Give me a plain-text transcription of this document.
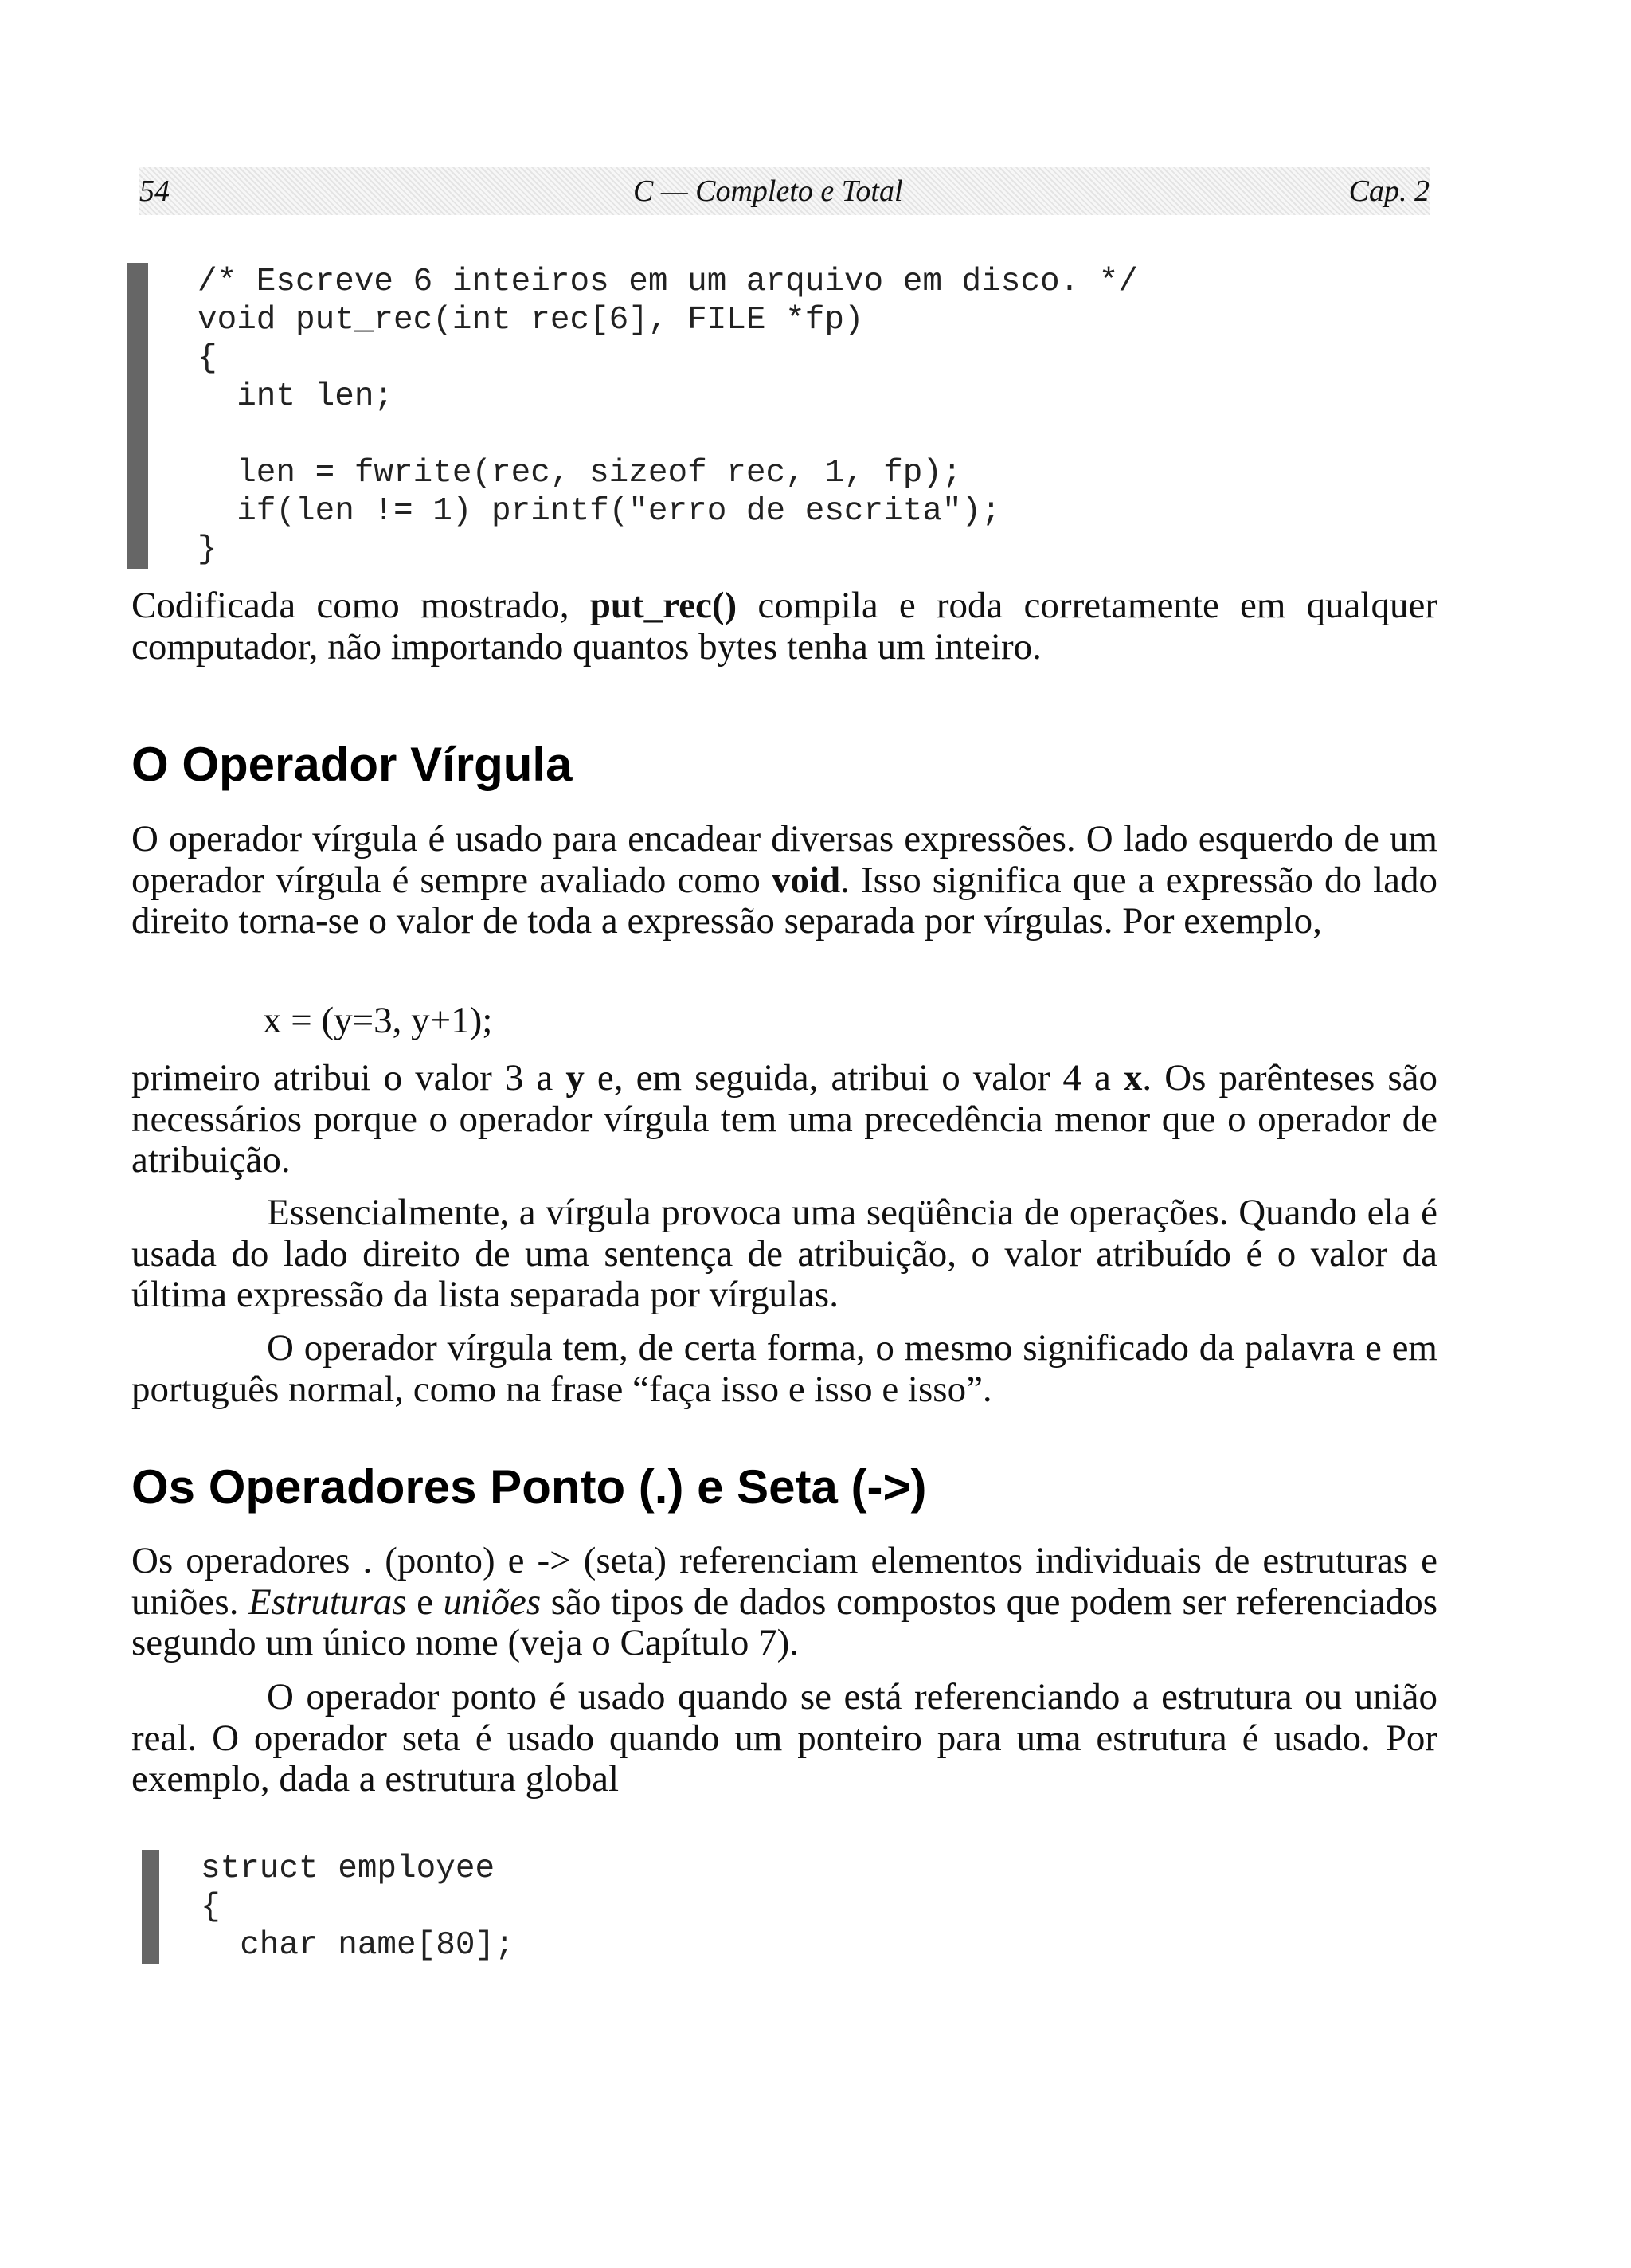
54	C — Completo e Total	Cap. 2
/* Escreve 6 inteiros em um arquivo em disco. */
void put_rec(int rec[6], FILE *fp)
{
int len;
len = fwrite(rec, sizeof rec, 1, fp);
if(len != 1) printf("erro de escrita");
}

Codificada como mostrado, put_rec() compila e roda corretamente em qualquer computador, não importando quantos bytes tenha um inteiro.

O Operador Vírgula

O operador vírgula é usado para encadear diversas expressões. O lado esquerdo de um operador vírgula é sempre avaliado como void. Isso significa que a expressão do lado direito torna-se o valor de toda a expressão separada por vírgulas. Por exemplo,

x = (y=3, y+1);

primeiro atribui o valor 3 a y e, em seguida, atribui o valor 4 a x. Os parênteses são necessários porque o operador vírgula tem uma precedência menor que o operador de atribuição.

Essencialmente, a vírgula provoca uma seqüência de operações. Quando ela é usada do lado direito de uma sentença de atribuição, o valor atribuído é o valor da última expressão da lista separada por vírgulas.

O operador vírgula tem, de certa forma, o mesmo significado da palavra e em português normal, como na frase “faça isso e isso e isso”.

Os Operadores Ponto (.) e Seta (->)

Os operadores . (ponto) e -> (seta) referenciam elementos individuais de estruturas e uniões. Estruturas e uniões são tipos de dados compostos que podem ser referenciados segundo um único nome (veja o Capítulo 7).

O operador ponto é usado quando se está referenciando a estrutura ou união real. O operador seta é usado quando um ponteiro para uma estrutura é usado. Por exemplo, dada a estrutura global

struct employee
{
char name[80];
